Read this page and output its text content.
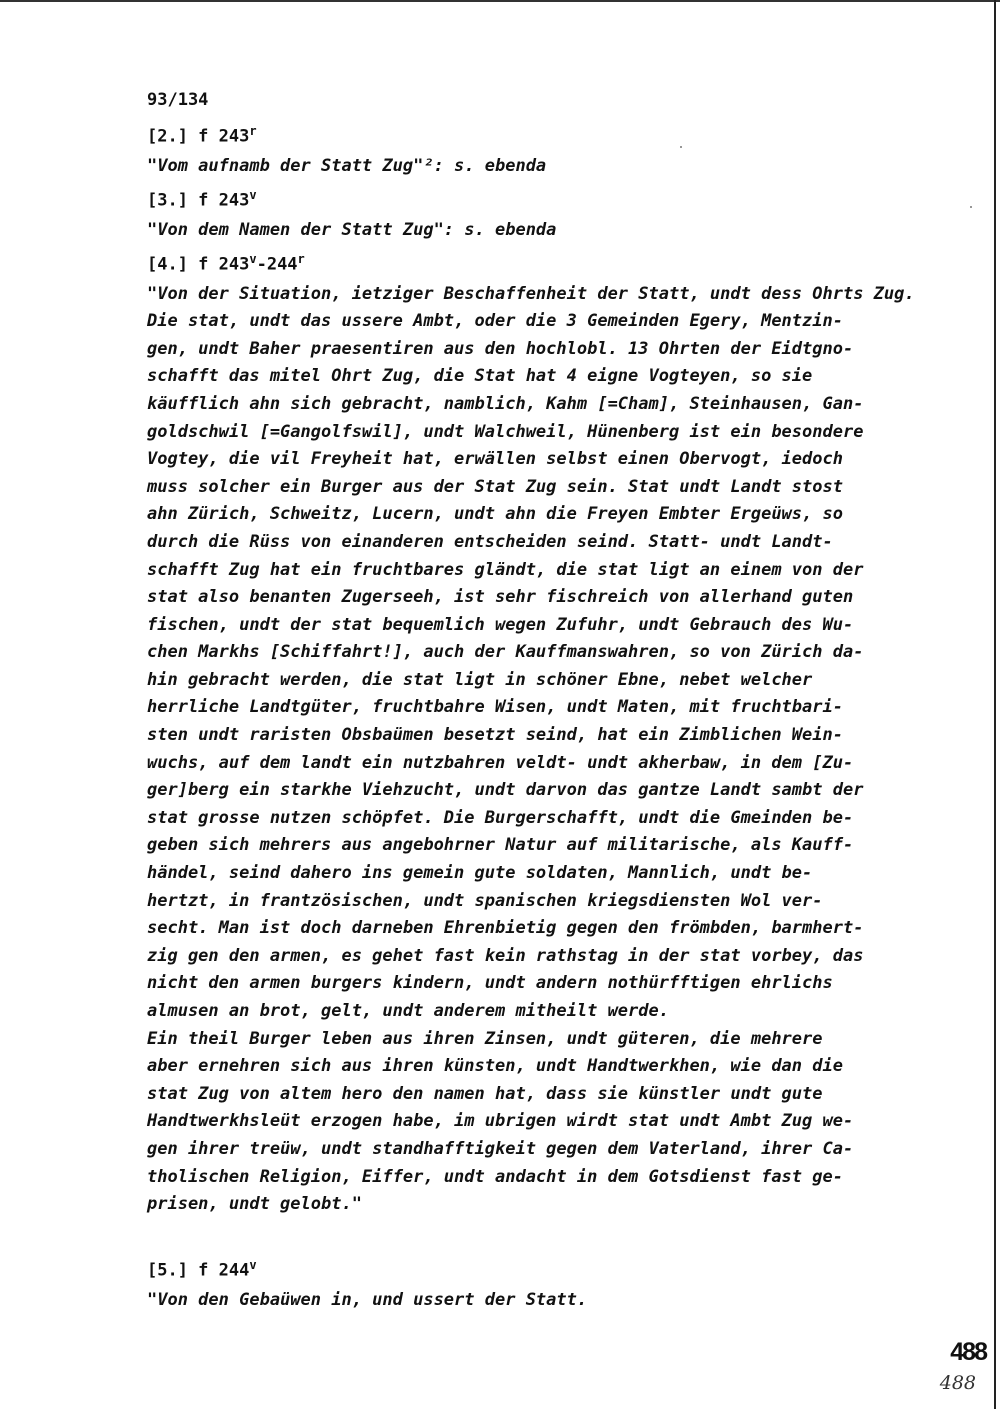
93/134
[2.] f 243$^r$
"Vom aufnamb der Statt Zug"²: s. ebenda
[3.] f 243$^v$
"Von dem Namen der Statt Zug": s. ebenda
[4.] f 243$^v$-244$^r$
"Von der Situation, ietziger Beschaffenheit der Statt, undt dess Ohrts Zug.
Die stat, undt das ussere Ambt, oder die 3 Gemeinden Egery, Mentzin-
gen, undt Baher praesentiren aus den hochlobl. 13 Ohrten der Eidtgno-
schafft das mitel Ohrt Zug, die Stat hat 4 eigne Vogteyen, so sie
käufflich ahn sich gebracht, namblich, Kahm [=Cham], Steinhausen, Gan-
goldschwil [=Gangolfswil], undt Walchweil, Hünenberg ist ein besondere
Vogtey, die vil Freyheit hat, erwällen selbst einen Obervogt, iedoch
muss solcher ein Burger aus der Stat Zug sein. Stat undt Landt stost
ahn Zürich, Schweitz, Lucern, undt ahn die Freyen Embter Ergeüws, so
durch die Rüss von einanderen entscheiden seind. Statt- undt Landt-
schafft Zug hat ein fruchtbares gländt, die stat ligt an einem von der
stat also benanten Zugerseeh, ist sehr fischreich von allerhand guten
fischen, undt der stat bequemlich wegen Zufuhr, undt Gebrauch des Wu-
chen Markhs [Schiffahrt!], auch der Kauffmanswahren, so von Zürich da-
hin gebracht werden, die stat ligt in schöner Ebne, nebet welcher
herrliche Landtgüter, fruchtbahre Wisen, undt Maten, mit fruchtbari-
sten undt raristen Obsbaümen besetzt seind, hat ein Zimblichen Wein-
wuchs, auf dem landt ein nutzbahren veldt- undt akherbaw, in dem [Zu-
ger]berg ein starkhe Viehzucht, undt darvon das gantze Landt sambt der
stat grosse nutzen schöpfet. Die Burgerschafft, undt die Gmeinden be-
geben sich mehrers aus angebohrner Natur auf militarische, als Kauff-
händel, seind dahero ins gemein gute soldaten, Mannlich, undt be-
hertzt, in frantzösischen, undt spanischen kriegsdiensten Wol ver-
secht. Man ist doch darneben Ehrenbietig gegen den frömbden, barmhert-
zig gen den armen, es gehet fast kein rathstag in der stat vorbey, das
nicht den armen burgers kindern, undt andern nothürfftigen ehrlichs
almusen an brot, gelt, undt anderem mitheilt werde.
Ein theil Burger leben aus ihren Zinsen, undt güteren, die mehrere
aber ernehren sich aus ihren künsten, undt Handtwerkhen, wie dan die
stat Zug von altem hero den namen hat, dass sie künstler undt gute
Handtwerkhsleüt erzogen habe, im ubrigen wirdt stat undt Ambt Zug we-
gen ihrer treüw, undt standhafftigkeit gegen dem Vaterland, ihrer Ca-
tholischen Religion, Eiffer, undt andacht in dem Gotsdienst fast ge-
prisen, undt gelobt."
[5.] f 244$^v$
"Von den Gebaüwen in, und ussert der Statt.
488
488
